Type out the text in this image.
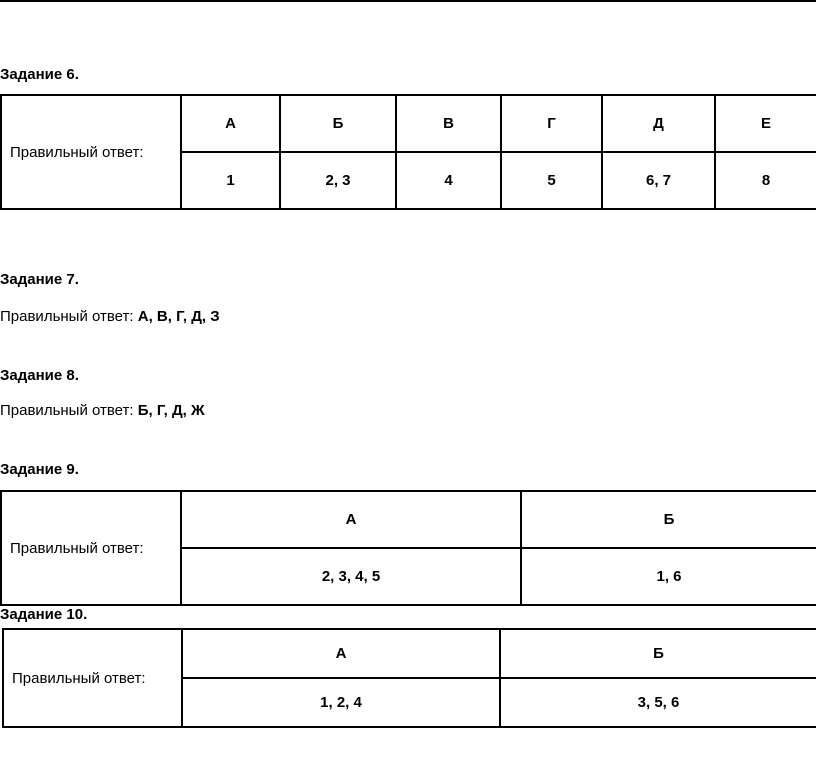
Задание 6.
Правильный ответ:	А	Б	В	Г	Д	Е
	1	2, 3	4	5	6, 7	8
Задание 7.
Правильный ответ: А, В, Г, Д, З
Задание 8.
Правильный ответ: Б, Г, Д, Ж
Задание 9.
Правильный ответ:	А	Б
	2, 3, 4, 5	1, 6
Задание 10.
Правильный ответ:	А	Б
	1, 2, 4	3, 5, 6
